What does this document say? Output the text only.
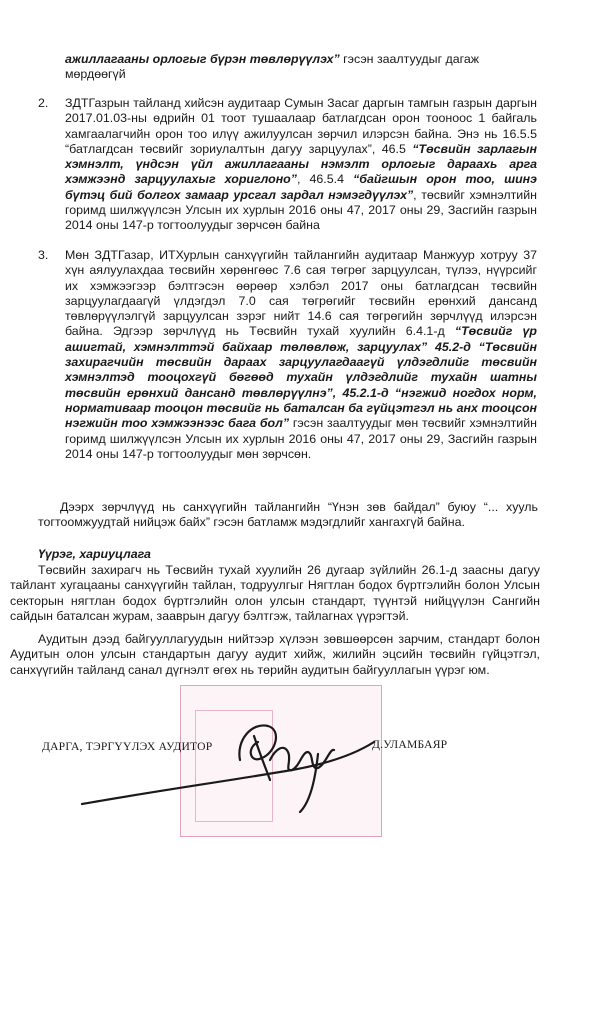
ажиллагааны орлогыг бүрэн төвлөрүүлэх” гэсэн заалтуудыг дагаж
мөрдөөгүй
2. ЗДТГазрын тайланд хийсэн аудитаар Сумын Засаг даргын тамгын газрын даргын 2017.01.03-ны өдрийн 01 тоот тушаалаар батлагдсан орон тооноос 1 байгаль хамгаалагчийн орон тоо илүү ажилуулсан зөрчил илэрсэн байна. Энэ нь 16.5.5 “батлагдсан төсвийг зориулалтын дагуу зарцуулах”, 46.5 “Төсвийн зарлагын хэмнэлт, үндсэн үйл ажиллагааны нэмэлт орлогыг дараахь арга хэмжээнд зарцуулахыг хориглоно”, 46.5.4 “байгшын орон тоо, шинэ бүтэц бий болгох замаар урсгал зардал нэмэгдүүлэх”, төсвийг хэмнэлтийн горимд шилжүүлсэн Улсын их хурлын 2016 оны 47, 2017 оны 29, Засгийн газрын 2014 оны 147-р тогтоолуудыг зөрчсөн байна
3. Мөн ЗДТГазар, ИТХурлын санхүүгийн тайлангийн аудитаар Манжуур хотруу 37 хүн аялуулахдаа төсвийн хөрөнгөөс 7.6 сая төгрөг зарцуулсан, түлээ, нүүрсийг их хэмжээгээр бэлтгэсэн өөрөөр хэлбэл 2017 оны батлагдсан төсвийн зарцуулагдаагүй үлдэгдэл 7.0 сая төгрөгийг төсвийн ерөнхий дансанд төвлөрүүлэлгүй зарцуулсан зэрэг нийт 14.6 сая төгрөгийн зөрчлүүд илэрсэн байна. Эдгээр зөрчлүүд нь Төсвийн тухай хуулийн 6.4.1-д “Төсвийг үр ашигтай, хэмнэлттэй байхаар төлөвлөж, зарцуулах” 45.2-д “Төсвийн захирагчийн төсвийн дараах зарцуулагдаагүй үлдэгдлийг төсвийн хэмнэлтэд тооцохгүй бөгөөд тухайн үлдэгдлийг тухайн шатны төсвийн ерөнхий дансанд төвлөрүүлнэ”, 45.2.1-д “нэгжид ногдох норм, нормативаар тооцон төсвийг нь баталсан ба гүйцэтгэл нь анх тооцсон нэгжийн тоо хэмжээнээс бага бол” гэсэн заалтуудыг мөн төсвийг хэмнэлтийн горимд шилжүүлсэн Улсын их хурлын 2016 оны 47, 2017 оны 29, Засгийн газрын 2014 оны 147-р тогтоолуудыг мөн зөрчсөн.
Дээрх зөрчлүүд нь санхүүгийн тайлангийн “Үнэн зөв байдал” буюу “... хууль тогтоомжуудтай нийцэж байх” гэсэн батламж мэдэгдлийг хангахгүй байна.
Үүрэг, хариуцлага
Төсвийн захирагч нь Төсвийн тухай хуулийн 26 дугаар зүйлийн 26.1-д заасны дагуу тайлант хугацааны санхүүгийн тайлан, тодруулгыг Нягтлан бодох бүртгэлийн болон Улсын секторын нягтлан бодох бүртгэлийн олон улсын стандарт, түүнтэй нийцүүлэн Сангийн сайдын баталсан журам, зааврын дагуу бэлтгэж, тайлагнах үүрэгтэй.
Аудитын дээд байгууллагуудын нийтээр хүлээн зөвшөөрсөн зарчим, стандарт болон Аудитын олон улсын стандартын дагуу аудит хийж, жилийн эцсийн төсвийн гүйцэтгэл, санхүүгийн тайланд санал дүгнэлт өгөх нь төрийн аудитын байгууллагын үүрэг юм.
ДАРГА, ТЭРГҮҮЛЭХ АУДИТОР	Д.УЛАМБАЯР
